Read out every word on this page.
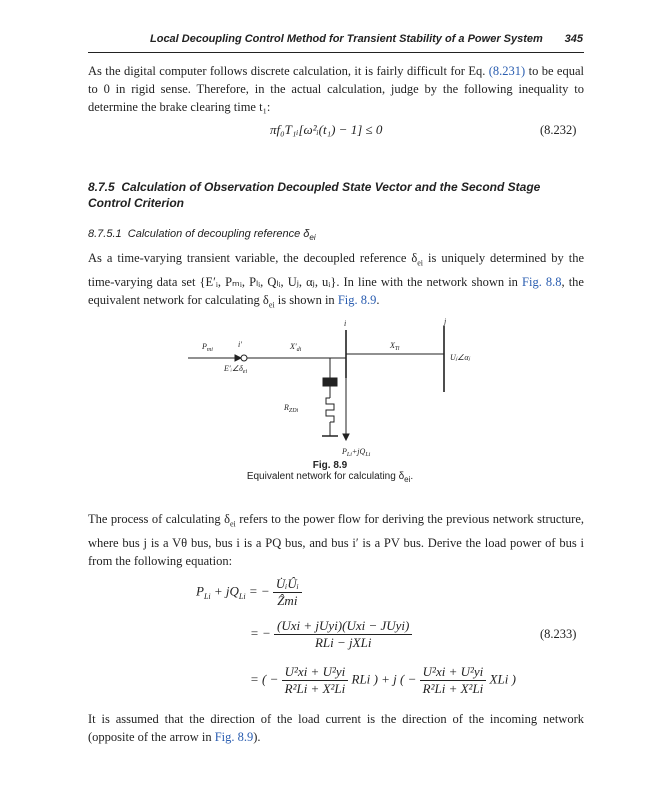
Local Decoupling Control Method for Transient Stability of a Power System 345
As the digital computer follows discrete calculation, it is fairly difficult for Eq. (8.231) to be equal to 0 in rigid sense. Therefore, in the actual calculation, judge by the following inequality to determine the brake clearing time t₁:
πf₀T₁ᵢ[ω²ᵢ(t₁) − 1] ≤ 0	(8.232)
8.7.5 Calculation of Observation Decoupled State Vector and the Second Stage Control Criterion
8.7.5.1 Calculation of decoupling reference $\delta_{ei}$
As a time-varying transient variable, the decoupled reference $\delta_{ei}$ is uniquely determined by the time-varying data set {E′ᵢ, Pₘᵢ, Pₗᵢ, Qₗᵢ, Uⱼ, αⱼ, uᵢ}. In line with the network shown in Fig. 8.8, the equivalent network for calculating $\delta_{ei}$ is shown in Fig. 8.9.
$P_{mi}$
i′	$X'_{di}$
i
$X_{Ti}$
j
Uⱼ∠αⱼ
$E'ᵢ\angle\delta_{ei}$
$R_{ZDi}$
$P_{Li}+jQ_{Li}$
Fig. 8.9
Equivalent network for calculating $\delta_{ei}$.
The process of calculating $\delta_{ei}$ refers to the power flow for deriving the previous network structure, where bus j is a Vθ bus, bus i is a PQ bus, and bus i′ is a PV bus. Derive the load power of bus i from the following equation:
$P_{Li} + jQ_{Li}$ = − $\frac{\text{U̇ᵢÛᵢ}}{\text{Ẑmi}}$
= − $\frac{\text{(Uxi + jUyi)(Uxi − JUyi)}}{\text{RLi − jXLi}}$	(8.233)
= ( − $\frac{\text{U²xi + U²yi}}{\text{R²Li + X²Li}}$ RLi ) + j ( − $\frac{\text{U²xi + U²yi}}{\text{R²Li + X²Li}}$ XLi )
It is assumed that the direction of the load current is the direction of the incoming network (opposite of the arrow in Fig. 8.9).
